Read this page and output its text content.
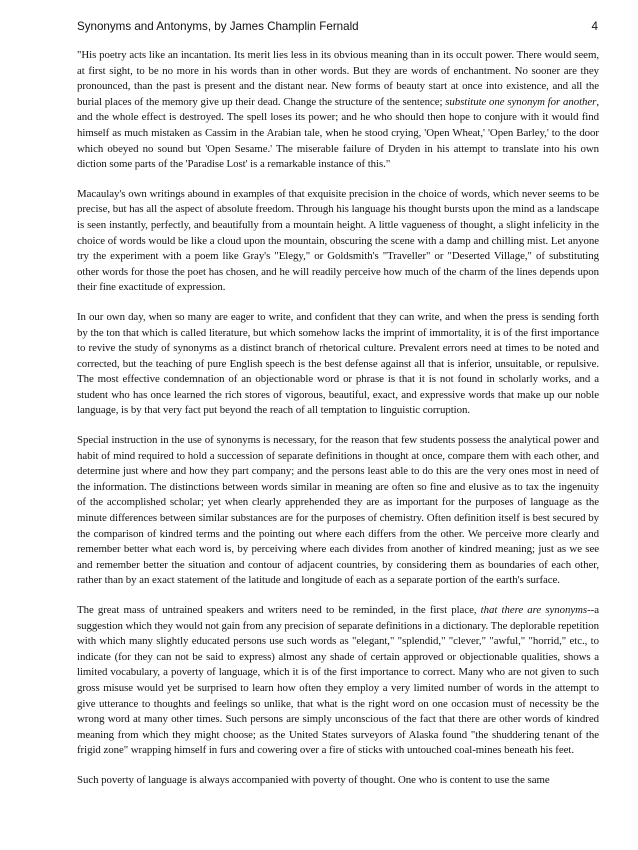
Synonyms and Antonyms, by James Champlin Fernald	4

"His poetry acts like an incantation. Its merit lies less in its obvious meaning than in its occult power. There would seem, at first sight, to be no more in his words than in other words. But they are words of enchantment. No sooner are they pronounced, than the past is present and the distant near. New forms of beauty start at once into existence, and all the burial places of the memory give up their dead. Change the structure of the sentence; substitute one synonym for another, and the whole effect is destroyed. The spell loses its power; and he who should then hope to conjure with it would find himself as much mistaken as Cassim in the Arabian tale, when he stood crying, 'Open Wheat,' 'Open Barley,' to the door which obeyed no sound but 'Open Sesame.' The miserable failure of Dryden in his attempt to translate into his own diction some parts of the 'Paradise Lost' is a remarkable instance of this."

Macaulay's own writings abound in examples of that exquisite precision in the choice of words, which never seems to be precise, but has all the aspect of absolute freedom. Through his language his thought bursts upon the mind as a landscape is seen instantly, perfectly, and beautifully from a mountain height. A little vagueness of thought, a slight infelicity in the choice of words would be like a cloud upon the mountain, obscuring the scene with a damp and chilling mist. Let anyone try the experiment with a poem like Gray's "Elegy," or Goldsmith's "Traveller" or "Deserted Village," of substituting other words for those the poet has chosen, and he will readily perceive how much of the charm of the lines depends upon their fine exactitude of expression.

In our own day, when so many are eager to write, and confident that they can write, and when the press is sending forth by the ton that which is called literature, but which somehow lacks the imprint of immortality, it is of the first importance to revive the study of synonyms as a distinct branch of rhetorical culture. Prevalent errors need at times to be noted and corrected, but the teaching of pure English speech is the best defense against all that is inferior, unsuitable, or repulsive. The most effective condemnation of an objectionable word or phrase is that it is not found in scholarly works, and a student who has once learned the rich stores of vigorous, beautiful, exact, and expressive words that make up our noble language, is by that very fact put beyond the reach of all temptation to linguistic corruption.

Special instruction in the use of synonyms is necessary, for the reason that few students possess the analytical power and habit of mind required to hold a succession of separate definitions in thought at once, compare them with each other, and determine just where and how they part company; and the persons least able to do this are the very ones most in need of the information. The distinctions between words similar in meaning are often so fine and elusive as to tax the ingenuity of the accomplished scholar; yet when clearly apprehended they are as important for the purposes of language as the minute differences between similar substances are for the purposes of chemistry. Often definition itself is best secured by the comparison of kindred terms and the pointing out where each differs from the other. We perceive more clearly and remember better what each word is, by perceiving where each divides from another of kindred meaning; just as we see and remember better the situation and contour of adjacent countries, by considering them as boundaries of each other, rather than by an exact statement of the latitude and longitude of each as a separate portion of the earth's surface.

The great mass of untrained speakers and writers need to be reminded, in the first place, that there are synonyms--a suggestion which they would not gain from any precision of separate definitions in a dictionary. The deplorable repetition with which many slightly educated persons use such words as "elegant," "splendid," "clever," "awful," "horrid," etc., to indicate (for they can not be said to express) almost any shade of certain approved or objectionable qualities, shows a limited vocabulary, a poverty of language, which it is of the first importance to correct. Many who are not given to such gross misuse would yet be surprised to learn how often they employ a very limited number of words in the attempt to give utterance to thoughts and feelings so unlike, that what is the right word on one occasion must of necessity be the wrong word at many other times. Such persons are simply unconscious of the fact that there are other words of kindred meaning from which they might choose; as the United States surveyors of Alaska found "the shuddering tenant of the frigid zone" wrapping himself in furs and cowering over a fire of sticks with untouched coal-mines beneath his feet.

Such poverty of language is always accompanied with poverty of thought. One who is content to use the same
